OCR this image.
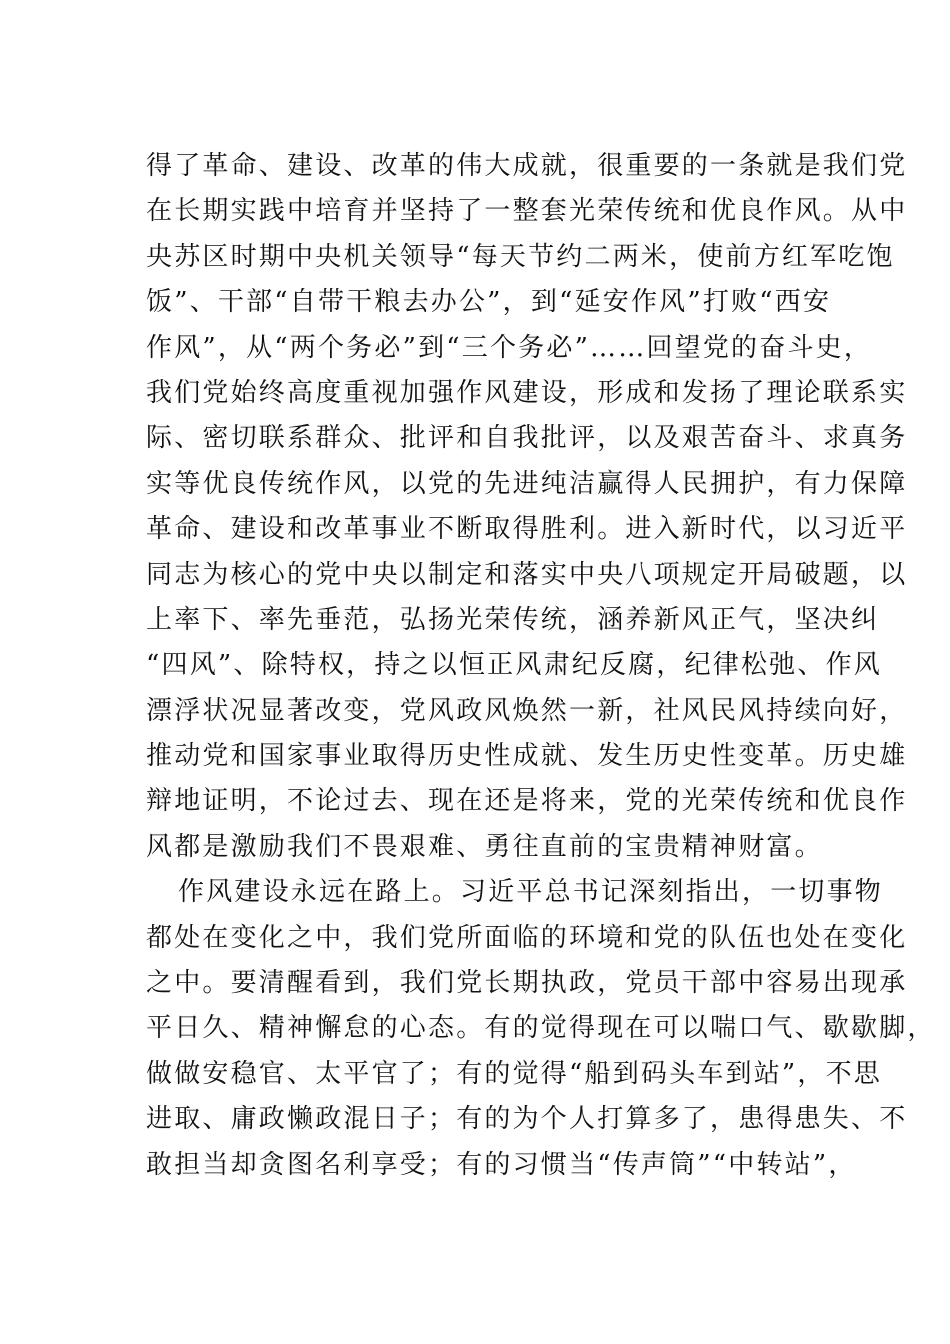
得了革命、建设、改革的伟大成就，很重要的一条就是我们党
在长期实践中培育并坚持了一整套光荣传统和优良作风。从中
央苏区时期中央机关领导“每天节约二两米，使前方红军吃饱
饭”、干部“自带干粮去办公”，到“延安作风”打败“西安
作风”，从“两个务必”到“三个务必”……回望党的奋斗史，
我们党始终高度重视加强作风建设，形成和发扬了理论联系实
际、密切联系群众、批评和自我批评，以及艰苦奋斗、求真务
实等优良传统作风，以党的先进纯洁赢得人民拥护，有力保障
革命、建设和改革事业不断取得胜利。进入新时代，以习近平
同志为核心的党中央以制定和落实中央八项规定开局破题，以
上率下、率先垂范，弘扬光荣传统，涵养新风正气，坚决纠
“四风”、除特权，持之以恒正风肃纪反腐，纪律松弛、作风
漂浮状况显著改变，党风政风焕然一新，社风民风持续向好，
推动党和国家事业取得历史性成就、发生历史性变革。历史雄
辩地证明，不论过去、现在还是将来，党的光荣传统和优良作
风都是激励我们不畏艰难、勇往直前的宝贵精神财富。
作风建设永远在路上。习近平总书记深刻指出，一切事物
都处在变化之中，我们党所面临的环境和党的队伍也处在变化
之中。要清醒看到，我们党长期执政，党员干部中容易出现承
平日久、精神懈怠的心态。有的觉得现在可以喘口气、歇歇脚，
做做安稳官、太平官了；有的觉得“船到码头车到站”，不思
进取、庸政懒政混日子；有的为个人打算多了，患得患失、不
敢担当却贪图名利享受；有的习惯当“传声筒”“中转站”，
